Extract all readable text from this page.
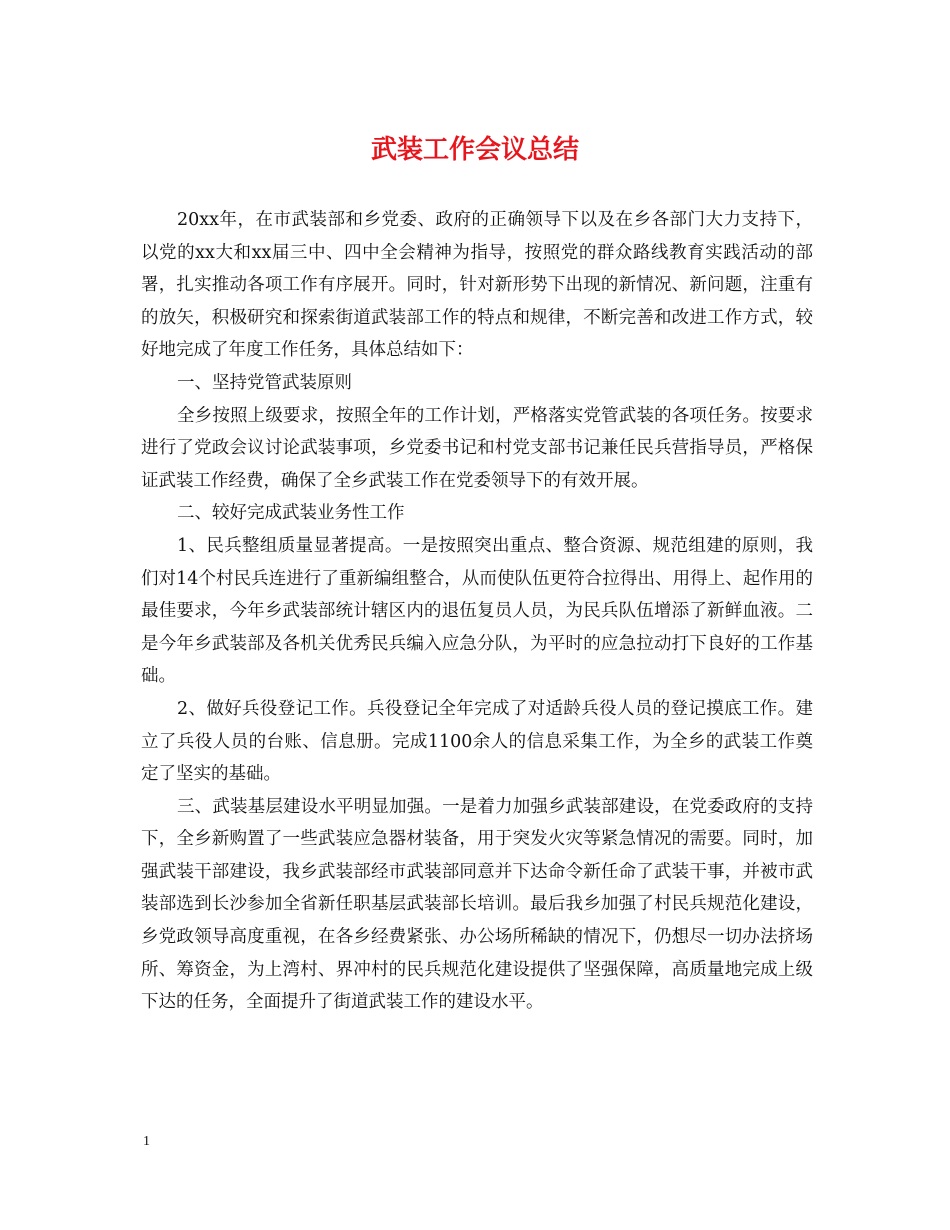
武装工作会议总结

20xx年，在市武装部和乡党委、政府的正确领导下以及在乡各部门大力支持下，以党的xx大和xx届三中、四中全会精神为指导，按照党的群众路线教育实践活动的部署，扎实推动各项工作有序展开。同时，针对新形势下出现的新情况、新问题，注重有的放矢，积极研究和探索街道武装部工作的特点和规律，不断完善和改进工作方式，较好地完成了年度工作任务，具体总结如下：

一、坚持党管武装原则

全乡按照上级要求，按照全年的工作计划，严格落实党管武装的各项任务。按要求进行了党政会议讨论武装事项，乡党委书记和村党支部书记兼任民兵营指导员，严格保证武装工作经费，确保了全乡武装工作在党委领导下的有效开展。

二、较好完成武装业务性工作

1、民兵整组质量显著提高。一是按照突出重点、整合资源、规范组建的原则，我们对14个村民兵连进行了重新编组整合，从而使队伍更符合拉得出、用得上、起作用的最佳要求，今年乡武装部统计辖区内的退伍复员人员，为民兵队伍增添了新鲜血液。二是今年乡武装部及各机关优秀民兵编入应急分队，为平时的应急拉动打下良好的工作基础。

2、做好兵役登记工作。兵役登记全年完成了对适龄兵役人员的登记摸底工作。建立了兵役人员的台账、信息册。完成1100余人的信息采集工作，为全乡的武装工作奠定了坚实的基础。

三、武装基层建设水平明显加强。一是着力加强乡武装部建设，在党委政府的支持下，全乡新购置了一些武装应急器材装备，用于突发火灾等紧急情况的需要。同时，加强武装干部建设，我乡武装部经市武装部同意并下达命令新任命了武装干事，并被市武装部选到长沙参加全省新任职基层武装部长培训。最后我乡加强了村民兵规范化建设，乡党政领导高度重视，在各乡经费紧张、办公场所稀缺的情况下，仍想尽一切办法挤场所、筹资金，为上湾村、界冲村的民兵规范化建设提供了坚强保障，高质量地完成上级下达的任务，全面提升了街道武装工作的建设水平。

1
